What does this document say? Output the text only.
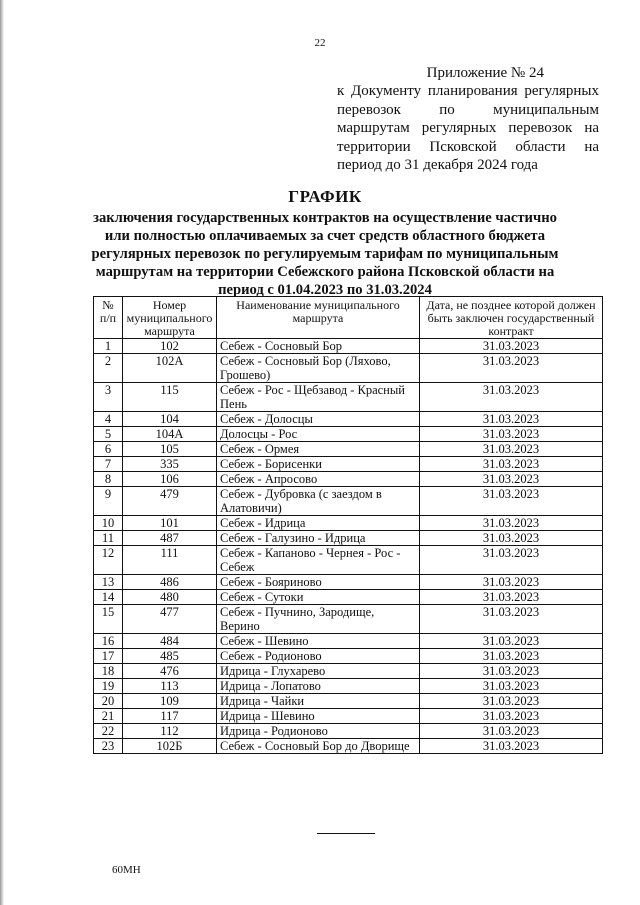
22
Приложение № 24
к Документу планирования регулярных перевозок по муниципальным маршрутам регулярных перевозок на территории Псковской области на период до 31 декабря 2024 года
ГРАФИК
заключения государственных контрактов на осуществление частично или полностью оплачиваемых за счет средств областного бюджета регулярных перевозок по регулируемым тарифам по муниципальным маршрутам на территории Себежского района Псковской области на период с 01.04.2023 по 31.03.2024
№ п/п	Номер муниципального маршрута	Наименование муниципального маршрута	Дата, не позднее которой должен быть заключен государственный контракт
1	102	Себеж - Сосновый Бор	31.03.2023
2	102А	Себеж - Сосновый Бор (Ляхово, Грошево)	31.03.2023
3	115	Себеж - Рос - Щебзавод - Красный Пень	31.03.2023
4	104	Себеж - Долосцы	31.03.2023
5	104А	Долосцы - Рос	31.03.2023
6	105	Себеж - Ормея	31.03.2023
7	335	Себеж - Борисенки	31.03.2023
8	106	Себеж - Апросово	31.03.2023
9	479	Себеж - Дубровка (с заездом в Алатовичи)	31.03.2023
10	101	Себеж - Идрица	31.03.2023
11	487	Себеж - Галузино - Идрица	31.03.2023
12	111	Себеж - Капаново - Чернея - Рос - Себеж	31.03.2023
13	486	Себеж - Бояриново	31.03.2023
14	480	Себеж - Сутоки	31.03.2023
15	477	Себеж - Пучнино, Зародище, Верино	31.03.2023
16	484	Себеж - Шевино	31.03.2023
17	485	Себеж - Родионово	31.03.2023
18	476	Идрица - Глухарево	31.03.2023
19	113	Идрица - Лопатово	31.03.2023
20	109	Идрица - Чайки	31.03.2023
21	117	Идрица - Шевино	31.03.2023
22	112	Идрица - Родионово	31.03.2023
23	102Б	Себеж - Сосновый Бор до Дворище	31.03.2023
60МН
